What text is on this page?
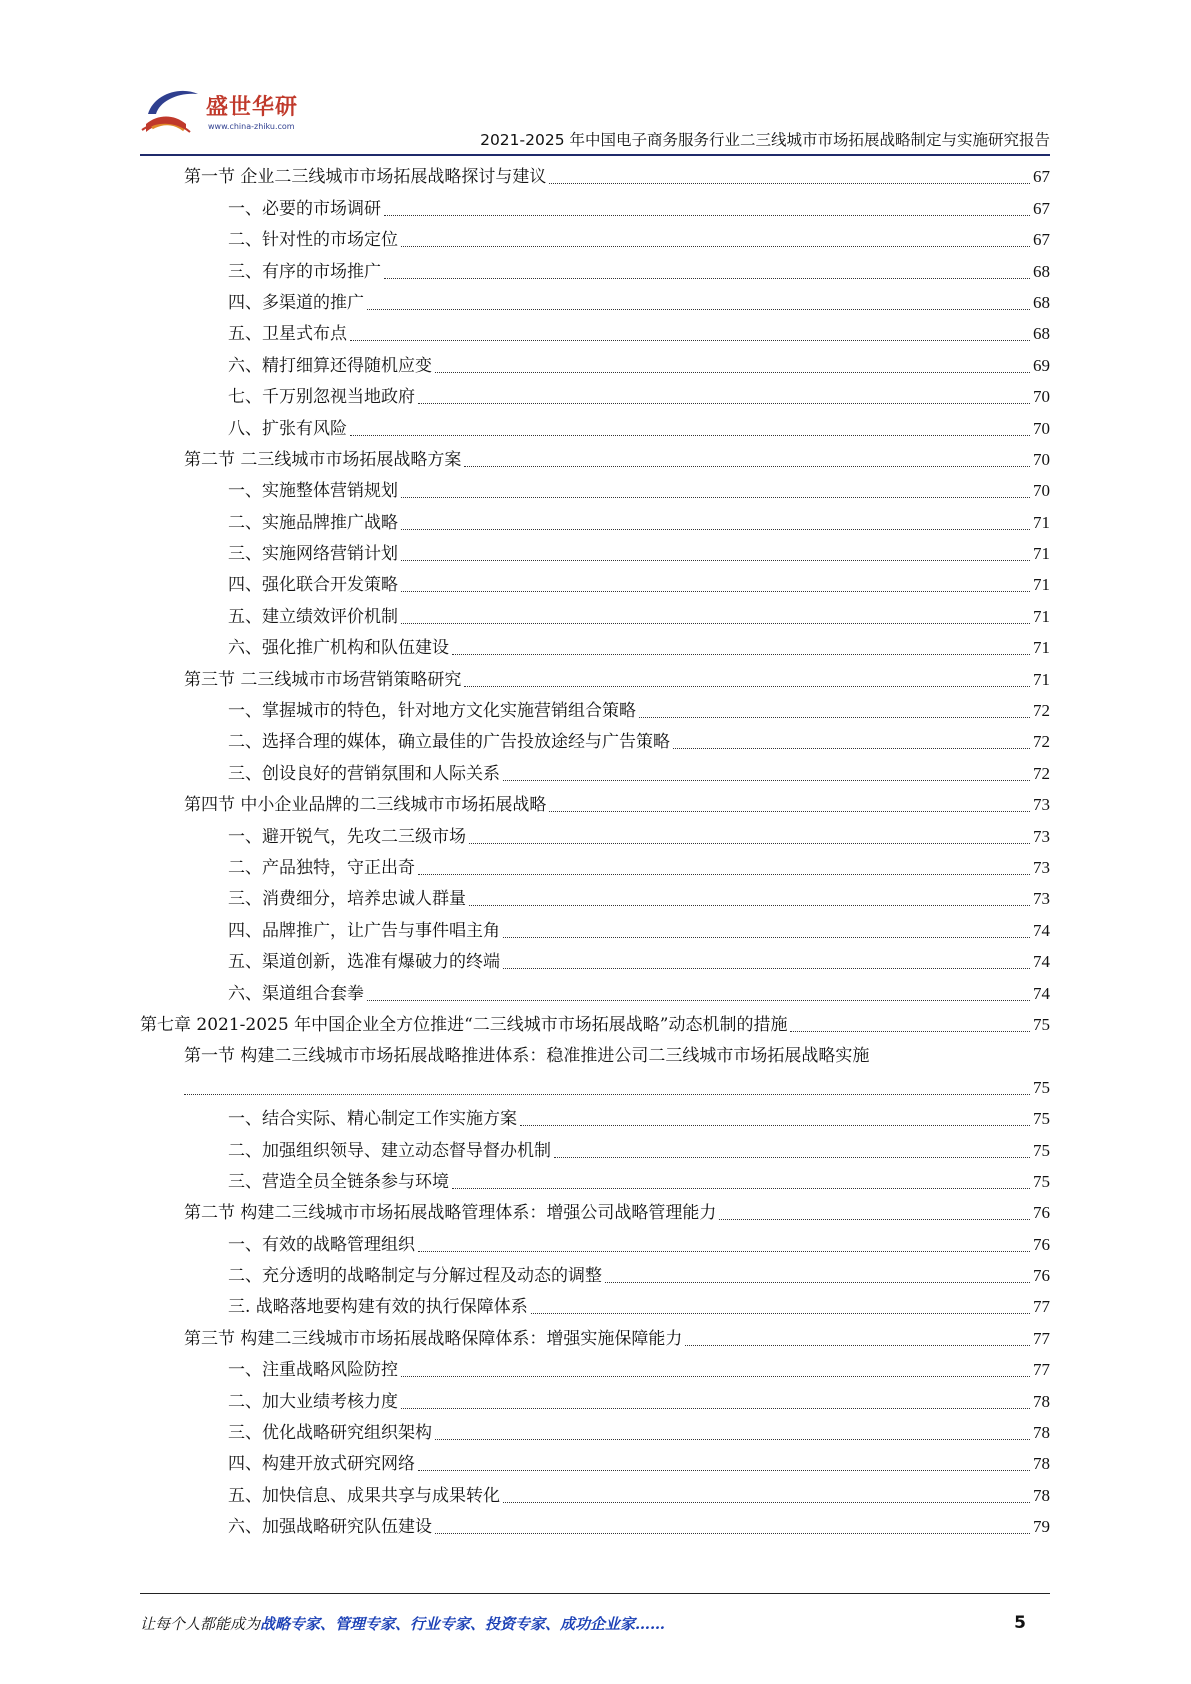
盛世华研
www.china-zhiku.com
2021-2025 年中国电子商务服务行业二三线城市市场拓展战略制定与实施研究报告
第一节 企业二三线城市市场拓展战略探讨与建议	67
一、必要的市场调研	67
二、针对性的市场定位	67
三、有序的市场推广	68
四、多渠道的推广	68
五、卫星式布点	68
六、精打细算还得随机应变	69
七、千万别忽视当地政府	70
八、扩张有风险	70
第二节 二三线城市市场拓展战略方案	70
一、实施整体营销规划	70
二、实施品牌推广战略	71
三、实施网络营销计划	71
四、强化联合开发策略	71
五、建立绩效评价机制	71
六、强化推广机构和队伍建设	71
第三节 二三线城市市场营销策略研究	71
一、掌握城市的特色，针对地方文化实施营销组合策略	72
二、选择合理的媒体，确立最佳的广告投放途经与广告策略	72
三、创设良好的营销氛围和人际关系	72
第四节 中小企业品牌的二三线城市市场拓展战略	73
一、避开锐气，先攻二三级市场	73
二、产品独特，守正出奇	73
三、消费细分，培养忠诚人群量	73
四、品牌推广，让广告与事件唱主角	74
五、渠道创新，选准有爆破力的终端	74
六、渠道组合套拳	74
第七章 2021-2025 年中国企业全方位推进“二三线城市市场拓展战略”动态机制的措施	75
第一节 构建二三线城市市场拓展战略推进体系：稳准推进公司二三线城市市场拓展战略实施
75
一、结合实际、精心制定工作实施方案	75
二、加强组织领导、建立动态督导督办机制	75
三、营造全员全链条参与环境	75
第二节 构建二三线城市市场拓展战略管理体系：增强公司战略管理能力	76
一、有效的战略管理组织	76
二、充分透明的战略制定与分解过程及动态的调整	76
三. 战略落地要构建有效的执行保障体系	77
第三节 构建二三线城市市场拓展战略保障体系：增强实施保障能力	77
一、注重战略风险防控	77
二、加大业绩考核力度	78
三、优化战略研究组织架构	78
四、构建开放式研究网络	78
五、加快信息、成果共享与成果转化	78
六、加强战略研究队伍建设	79
让每个人都能成为战略专家、管理专家、行业专家、投资专家、成功企业家……	5
